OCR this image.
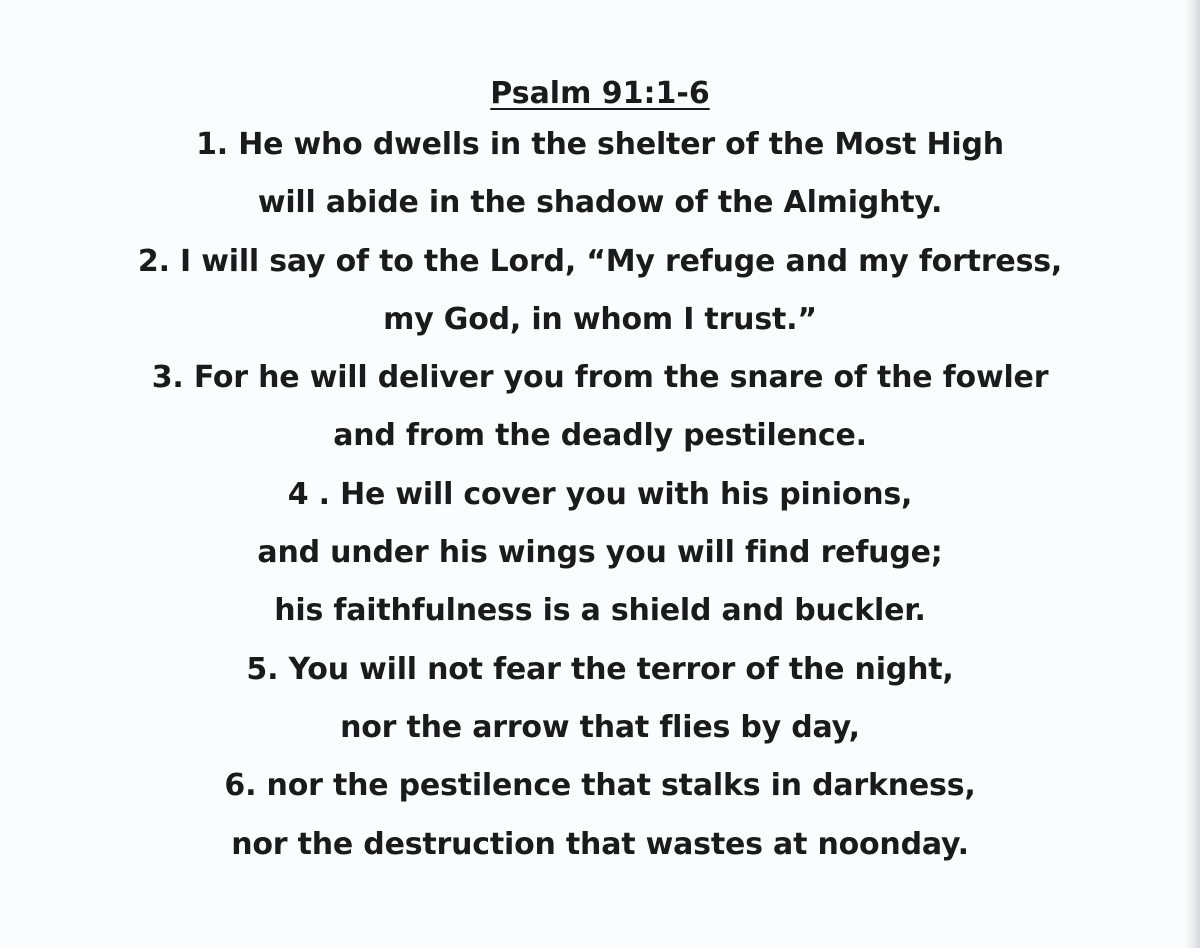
Psalm 91:1-6
1. He who dwells in the shelter of the Most High
will abide in the shadow of the Almighty.
2. I will say of to the Lord, “My refuge and my fortress,
my God, in whom I trust.”
3. For he will deliver you from the snare of the fowler
and from the deadly pestilence.
4 . He will cover you with his pinions,
and under his wings you will find refuge;
his faithfulness is a shield and buckler.
5. You will not fear the terror of the night,
nor the arrow that flies by day,
6. nor the pestilence that stalks in darkness,
nor the destruction that wastes at noonday.
